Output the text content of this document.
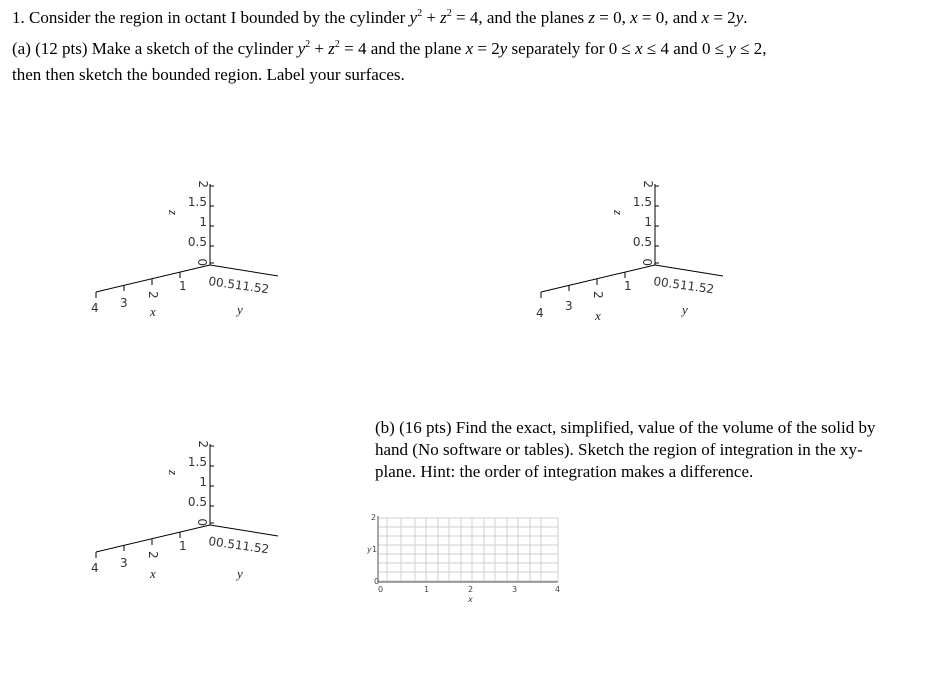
1. Consider the region in octant I bounded by the cylinder $y^2 + z^2 = 4$, and the planes z = 0, x = 0, and x = 2y.
(a) (12 pts) Make a sketch of the cylinder $y^2 + z^2 = 4$ and the plane x = 2y separately for 0 ≤ x ≤ 4 and 0 ≤ y ≤ 2,
then then sketch the bounded region. Label your surfaces.
2
1.5
1
0.5
0
z
00.511.52
y
4 3
2
1
x
2
1.5
1
0.5
0
z
00.511.52
y
4 3
2
1
x
2
1.5
1
0.5
0
z
00.511.52
y
4 3
2
1
x
(b) (16 pts) Find the exact, simplified, value of the volume of the solid by hand (No software or tables). Sketch the region of integration in the xy-plane. Hint: the order of integration makes a difference.
2
1
0
y
0	1	2	3	4
x
